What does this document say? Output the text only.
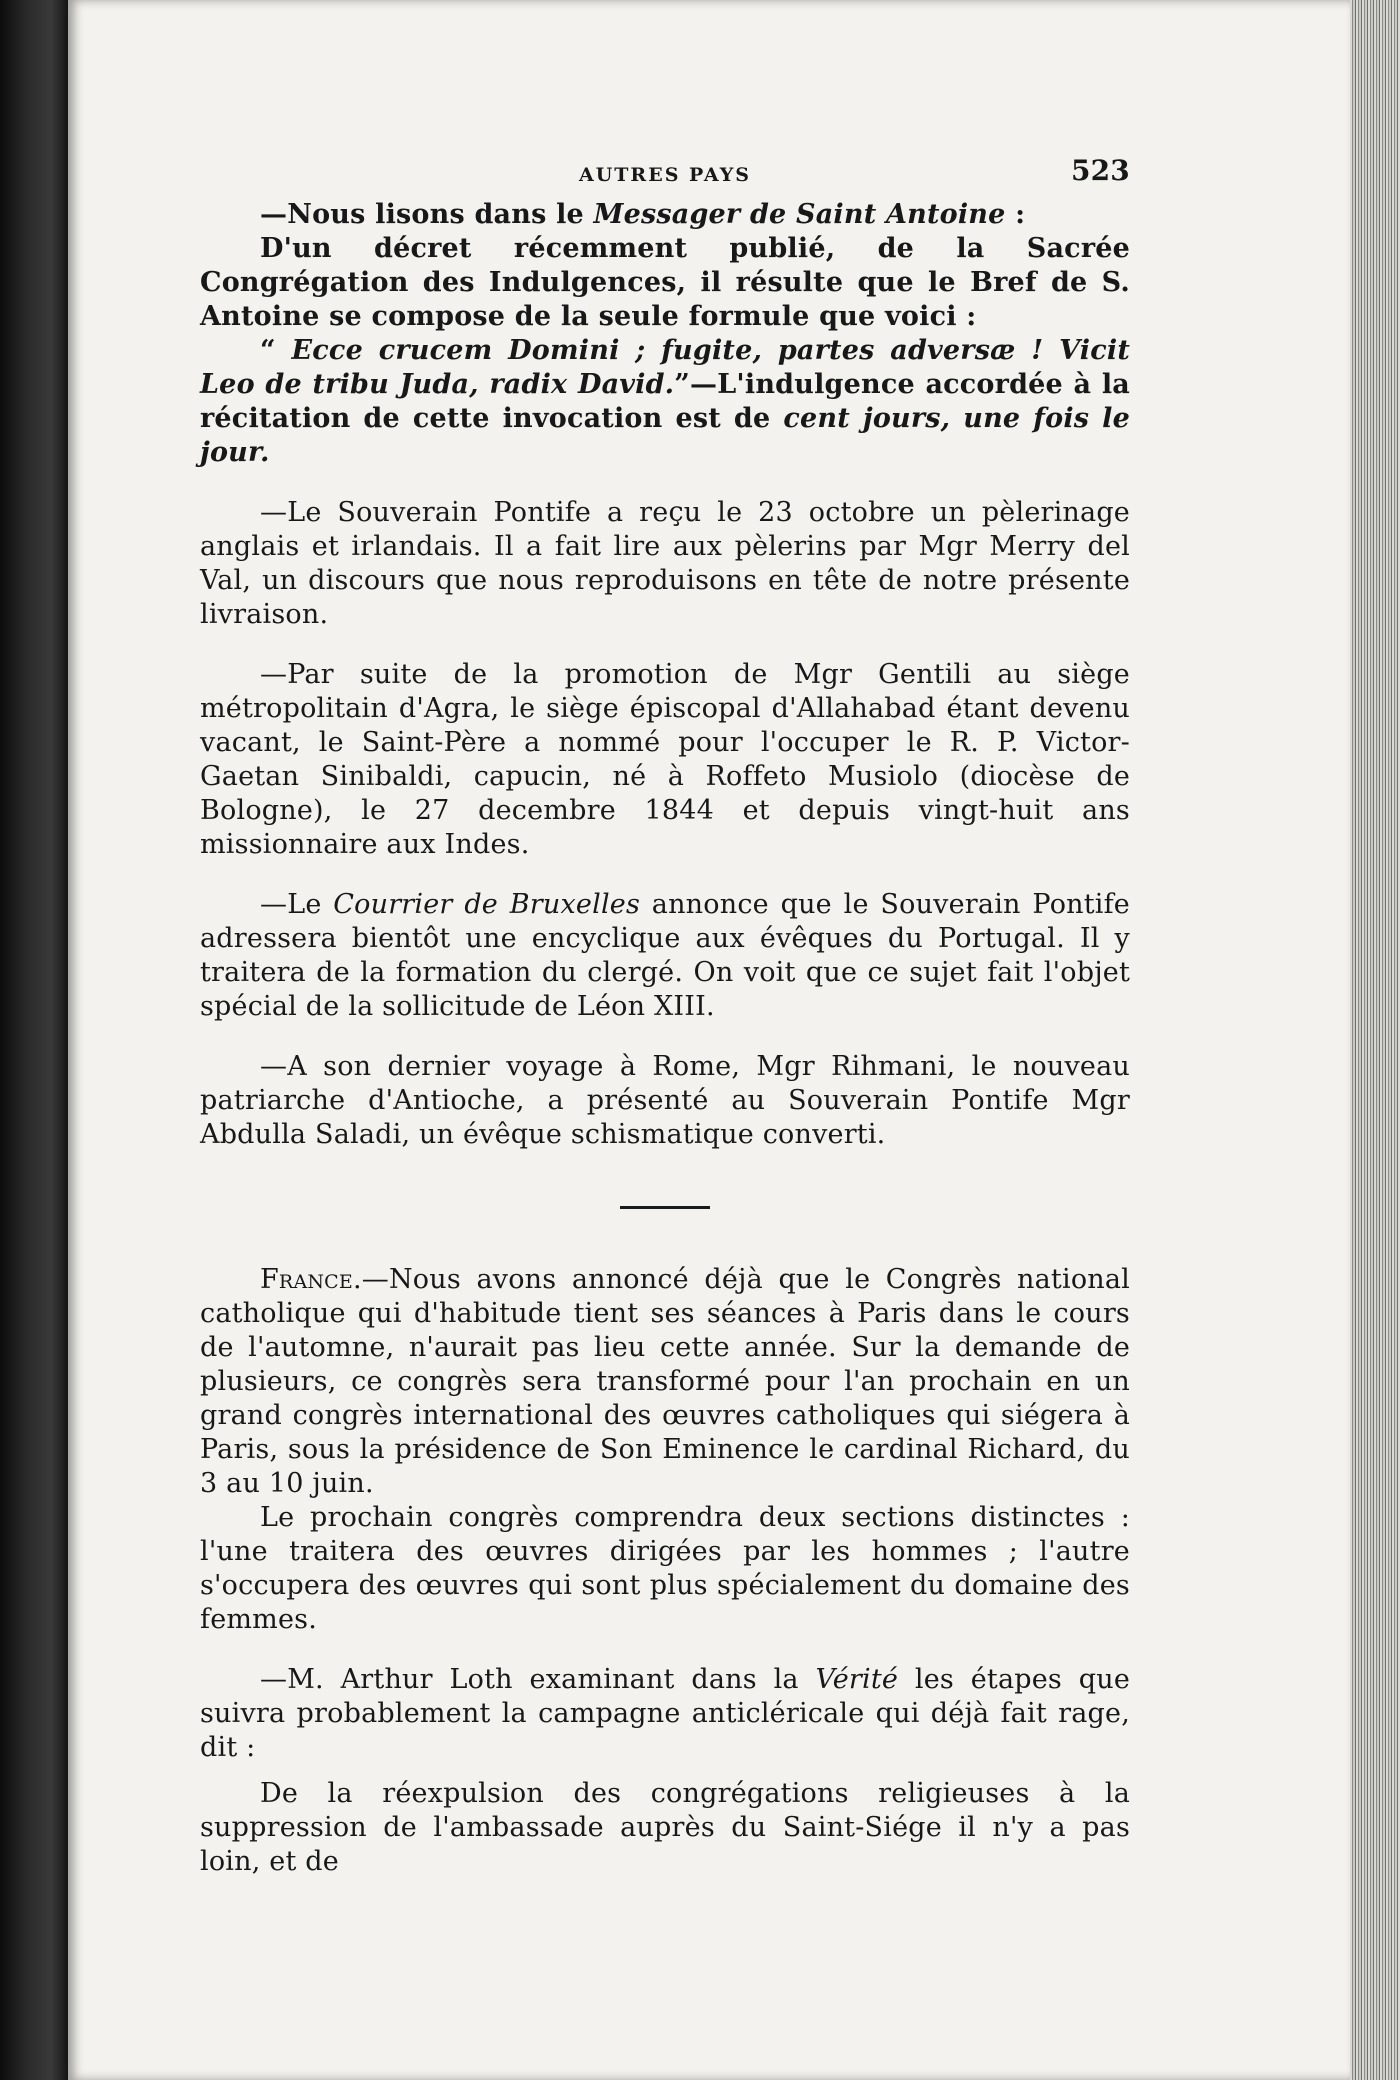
AUTRES PAYS	523

—Nous lisons dans le Messager de Saint Antoine :

D'un décret récemment publié, de la Sacrée Congrégation des Indulgences, il résulte que le Bref de S. Antoine se compose de la seule formule que voici :

“ Ecce crucem Domini ; fugite, partes adversæ ! Vicit Leo de tribu Juda, radix David.”—L'indulgence accordée à la récitation de cette invocation est de cent jours, une fois le jour.

—Le Souverain Pontife a reçu le 23 octobre un pèlerinage anglais et irlandais. Il a fait lire aux pèlerins par Mgr Merry del Val, un discours que nous reproduisons en tête de notre présente livraison.

—Par suite de la promotion de Mgr Gentili au siège métropolitain d'Agra, le siège épiscopal d'Allahabad étant devenu vacant, le Saint-Père a nommé pour l'occuper le R. P. Victor-Gaetan Sinibaldi, capucin, né à Roffeto Musiolo (diocèse de Bologne), le 27 decembre 1844 et depuis vingt-huit ans missionnaire aux Indes.

—Le Courrier de Bruxelles annonce que le Souverain Pontife adressera bientôt une encyclique aux évêques du Portugal. Il y traitera de la formation du clergé. On voit que ce sujet fait l'objet spécial de la sollicitude de Léon XIII.

—A son dernier voyage à Rome, Mgr Rihmani, le nouveau patriarche d'Antioche, a présenté au Souverain Pontife Mgr Abdulla Saladi, un évêque schismatique converti.

France.—Nous avons annoncé déjà que le Congrès national catholique qui d'habitude tient ses séances à Paris dans le cours de l'automne, n'aurait pas lieu cette année. Sur la demande de plusieurs, ce congrès sera transformé pour l'an prochain en un grand congrès international des œuvres catholiques qui siégera à Paris, sous la présidence de Son Eminence le cardinal Richard, du 3 au 10 juin.

Le prochain congrès comprendra deux sections distinctes : l'une traitera des œuvres dirigées par les hommes ; l'autre s'occupera des œuvres qui sont plus spécialement du domaine des femmes.

—M. Arthur Loth examinant dans la Vérité les étapes que suivra probablement la campagne anticléricale qui déjà fait rage, dit :

De la réexpulsion des congrégations religieuses à la suppression de l'ambassade auprès du Saint-Siége il n'y a pas loin, et de
